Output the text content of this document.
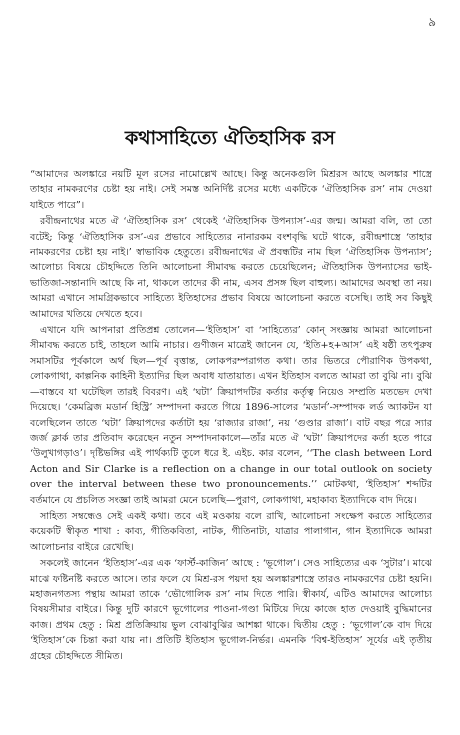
৯
কথাসাহিত্যে ঐতিহাসিক রস

“আমাদের অলঙ্কারে নয়টি মূল রসের নামোল্লেখ আছে। কিন্তু অনেকগুলি মিশ্ররস আছে অলঙ্কার শাস্ত্রে তাহার নামকরণের চেষ্টা হয় নাই। সেই সমস্ত অনির্দিষ্ট রসের মধ্যে একটিকে ‘ঐতিহাসিক রস’ নাম দেওয়া যাইতে পারে”।

রবীন্দ্রনাথের মতে ঐ ‘ঐতিহাসিক রস’ থেকেই ‘ঐতিহাসিক উপন্যাস’-এর জন্ম। আমরা বলি, তা তো বটেই; কিন্তু ‘ঐতিহাসিক রস’-এর প্রভাবে সাহিত্যের নানারকম বংশবৃদ্ধি ঘটে থাকে, রবীন্দ্রশাস্ত্রে ‘তাহার নামকরণের চেষ্টা হয় নাই।’ স্বাভাবিক হেতুতে। রবীন্দ্রনাথের ঐ প্রবন্ধটির নাম ছিল ‘ঐতিহাসিক উপন্যাস’; আলোচ্য বিষয়ে চৌহদ্দিতে তিনি আলোচনা সীমাবদ্ধ করতে চেয়েছিলেন; ঐতিহাসিক উপন্যাসের ভাই-ভাতিজা-সন্তানাদি আছে কি না, থাকলে তাদের কী নাম, এসব প্রসঙ্গ ছিল বাহুল্য। আমাদের অবস্থা তা নয়। আমরা এখানে সামগ্রিকভাবে সাহিত্যে ইতিহাসের প্রভাব বিষয়ে আলোচনা করতে বসেছি। তাই সব কিছুই আমাদের খতিয়ে দেখতে হবে।

এখানে যদি আপনারা প্রতিপ্রশ্ন তোলেন—‘ইতিহাস’ বা ‘সাহিত্যের’ কোন্ সংজ্ঞায় আমরা আলোচনা সীমাবদ্ধ করতে চাই, তাহলে আমি নাচার। গুণীজন মাত্রেই জানেন যে, ‘ইতি+হ+আস’ এই ষষ্ঠী তৎপুরুষ সমাসটির পূর্বকালে অর্থ ছিল—পূর্ব বৃত্তান্ত, লোকপরম্পরাগত কথা। তার ভিতরে পৌরাণিক উপকথা, লোকগাথা, কাল্পনিক কাহিনী ইত্যাদির ছিল অবাধ যাতায়াত। এখন ইতিহাস বলতে আমরা তা বুঝি না। বুঝি—বাস্তবে যা ঘটেছিল তারই বিবরণ। এই ‘ঘটা’ ক্রিয়াপদটির কর্তার কর্তৃত্ব নিয়েও সম্প্রতি মতভেদ দেখা দিয়েছে। ‘কেমব্রিজ মডার্ন হিস্ট্রি’ সম্পাদনা করতে গিয়ে 1896-সালের ‘মডার্ন’-সম্পাদক লর্ড অ্যাকটন যা বলেছিলেন তাতে ‘ঘটা’ ক্রিয়াপদের কর্তাটা হয় ‘রাজ্যার রাজা’, নয় ‘গুণ্ডার রাজা’। বাট বছর পরে স্যার জর্জ ক্লার্ক তার প্রতিবাদ করেছেন নতুন সম্পাদনাকালে—তাঁর মতে ঐ ‘ঘটা’ ক্রিয়াপদের কর্তা হতে পারে ‘উলুখাগড়াও’। দৃষ্টিভঙ্গির এই পার্থক্যটি তুলে ধরে ই. এইচ. কার বলেন, ‘‘The clash between Lord Acton and Sir Clarke is a reflection on a change in our total outlook on society over the interval between these two pronouncements.’’ মোটকথা, ‘ইতিহাস’ শব্দটির বর্তমানে যে প্রচলিত সংজ্ঞা তাই আমরা মেনে চলেছি—পুরাণ, লোকগাথা, মহাকাব্য ইত্যাদিকে বাদ দিয়ে।

সাহিত্য সম্বন্ধেও সেই একই কথা। তবে এই মওকায় বলে রাখি, আলোচনা সংক্ষেপ করতে সাহিত্যের কয়েকটি স্বীকৃত শাখা : কাব্য, গীতিকবিতা, নাটক, গীতিনাট্য, যাত্রার পালাগান, গান ইত্যাদিকে আমরা আলোচনার বাইরে রেখেছি।

সকলেই জানেন ‘ইতিহাস’-এর এক ‘ফার্স্ট-কাজিন’ আছে : ‘ভূগোল’। সেও সাহিত্যের এক ‘সুটার’। মাঝে মাঝে ফষ্টিনষ্টি করতে আসে। তার ফলে যে মিশ্র-রস পয়দা হয় অলঙ্কারশাস্ত্রে তারও নামকরণের চেষ্টা হয়নি। মহাজনগতস্য পন্থায় আমরা তাকে ‘ভৌগোলিক রস’ নাম দিতে পারি। স্বীকার্য, এটিও আমাদের আলোচ্য বিষয়সীমার বাইরে। কিন্তু দুটি কারণে ভূগোলের পাওনা-গণ্ডা মিটিয়ে দিয়ে কাজে হাত দেওয়াই বুদ্ধিমানের কাজ। প্রথম হেতু : মিশ্র প্রতিক্রিয়ায় ভুল বোঝাবুঝির আশঙ্কা থাকে। দ্বিতীয় হেতু : ‘ভূগোল’কে বাদ দিয়ে ‘ইতিহাস’কে চিন্তা করা যায় না। প্রতিটি ইতিহাস ভূগোল-নির্ভর। এমনকি ‘বিশ্ব-ইতিহাস’ সূর্যের এই তৃতীয় গ্রহের চৌহদ্দিতে সীমিত।
